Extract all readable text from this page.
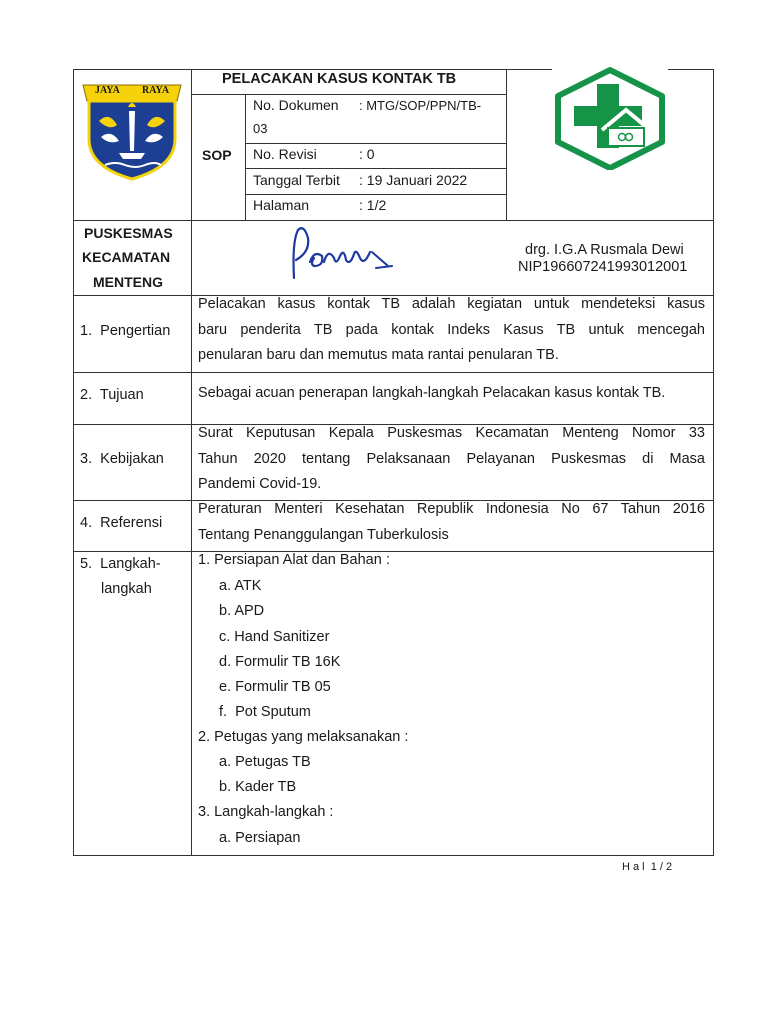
JAYA RAYA
PELACAKAN KASUS KONTAK TB
SOP
No. Dokumen : MTG/SOP/PPN/TB-
03
No. Revisi	: 0
Tanggal Terbit : 19 Januari 2022
Halaman	: 1/2
PUSKESMAS
KECAMATAN
MENTENG
drg. I.G.A Rusmala Dewi
NIP196607241993012001
1.  Pengertian
2.  Tujuan
3.  Kebijakan
4.  Referensi
5.  Langkah-
langkah
Pelacakan kasus kontak TB adalah kegiatan untuk mendeteksi kasus
baru penderita TB pada kontak Indeks Kasus TB untuk mencegah
penularan baru dan memutus mata rantai penularan TB.
Sebagai acuan penerapan langkah-langkah Pelacakan kasus kontak TB.
Surat Keputusan Kepala Puskesmas Kecamatan Menteng Nomor 33
Tahun 2020 tentang Pelaksanaan Pelayanan Puskesmas di Masa
Pandemi Covid-19.
Peraturan Menteri Kesehatan Republik Indonesia No 67 Tahun 2016
Tentang Penanggulangan Tuberkulosis
1. Persiapan Alat dan Bahan :
a. ATK
b. APD
c. Hand Sanitizer
d. Formulir TB 16K
e. Formulir TB 05
f.  Pot Sputum
2. Petugas yang melaksanakan :
a. Petugas TB
b. Kader TB
3. Langkah-langkah :
a. Persiapan
H a l  1 / 2
